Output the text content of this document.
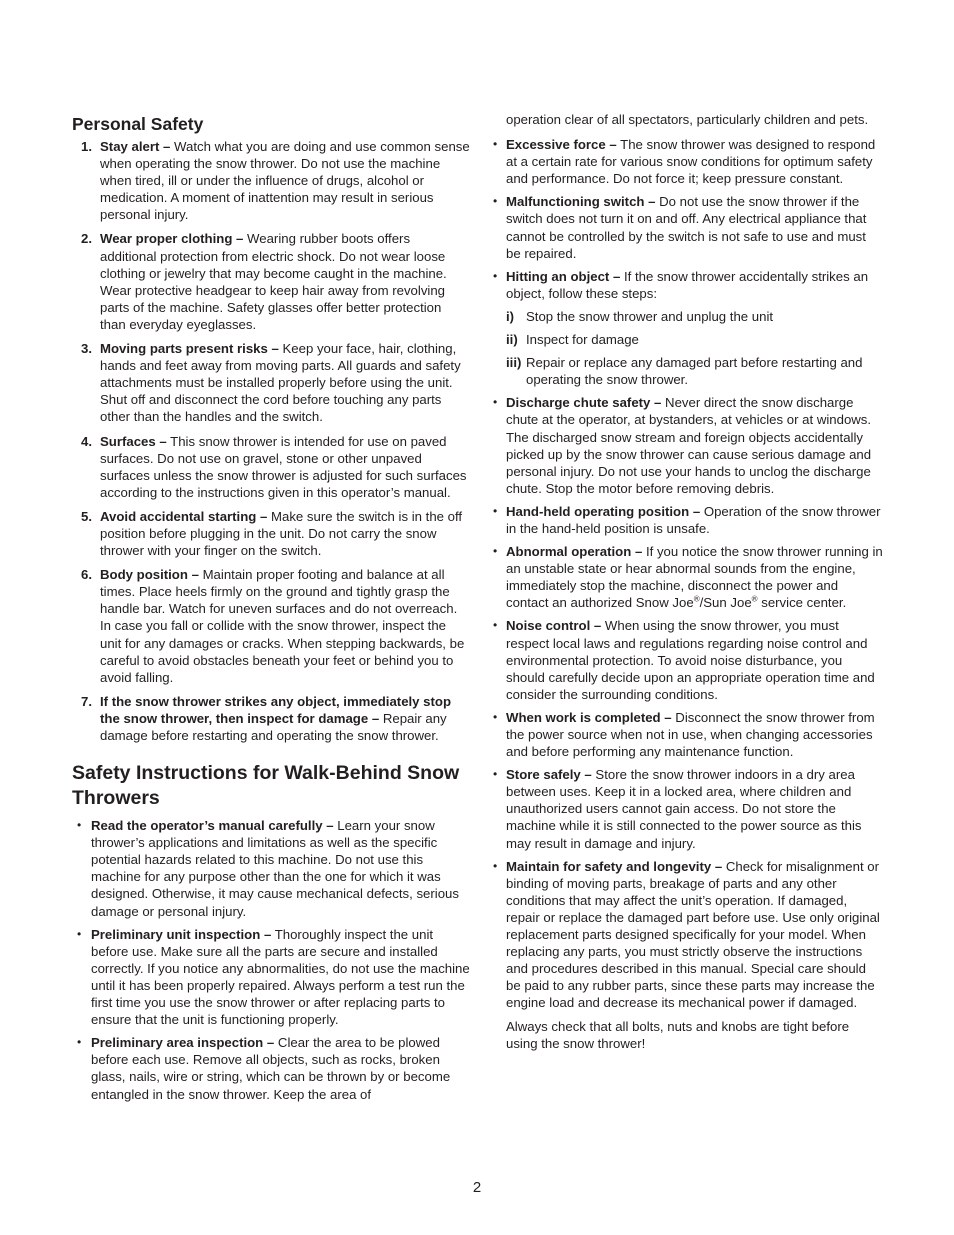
Personal Safety
1. Stay alert – Watch what you are doing and use common sense when operating the snow thrower. Do not use the machine when tired, ill or under the influence of drugs, alcohol or medication. A moment of inattention may result in serious personal injury.
2. Wear proper clothing – Wearing rubber boots offers additional protection from electric shock. Do not wear loose clothing or jewelry that may become caught in the machine. Wear protective headgear to keep hair away from revolving parts of the machine. Safety glasses offer better protection than everyday eyeglasses.
3. Moving parts present risks – Keep your face, hair, clothing, hands and feet away from moving parts. All guards and safety attachments must be installed properly before using the unit. Shut off and disconnect the cord before touching any parts other than the handles and the switch.
4. Surfaces – This snow thrower is intended for use on paved surfaces. Do not use on gravel, stone or other unpaved surfaces unless the snow thrower is adjusted for such surfaces according to the instructions given in this operator’s manual.
5. Avoid accidental starting – Make sure the switch is in the off position before plugging in the unit. Do not carry the snow thrower with your finger on the switch.
6. Body position – Maintain proper footing and balance at all times. Place heels firmly on the ground and tightly grasp the handle bar. Watch for uneven surfaces and do not overreach. In case you fall or collide with the snow thrower, inspect the unit for any damages or cracks. When stepping backwards, be careful to avoid obstacles beneath your feet or behind you to avoid falling.
7. If the snow thrower strikes any object, immediately stop the snow thrower, then inspect for damage – Repair any damage before restarting and operating the snow thrower.
Safety Instructions for Walk-Behind Snow Throwers
• Read the operator’s manual carefully – Learn your snow thrower’s applications and limitations as well as the specific potential hazards related to this machine. Do not use this machine for any purpose other than the one for which it was designed. Otherwise, it may cause mechanical defects, serious damage or personal injury.
• Preliminary unit inspection – Thoroughly inspect the unit before use. Make sure all the parts are secure and installed correctly. If you notice any abnormalities, do not use the machine until it has been properly repaired. Always perform a test run the first time you use the snow thrower or after replacing parts to ensure that the unit is functioning properly.
• Preliminary area inspection – Clear the area to be plowed before each use. Remove all objects, such as rocks, broken glass, nails, wire or string, which can be thrown by or become entangled in the snow thrower. Keep the area of

operation clear of all spectators, particularly children and pets.

• Excessive force – The snow thrower was designed to respond at a certain rate for various snow conditions for optimum safety and performance. Do not force it; keep pressure constant.
• Malfunctioning switch – Do not use the snow thrower if the switch does not turn it on and off. Any electrical appliance that cannot be controlled by the switch is not safe to use and must be repaired.
• Hitting an object – If the snow thrower accidentally strikes an object, follow these steps:
i) Stop the snow thrower and unplug the unit
ii) Inspect for damage
iii) Repair or replace any damaged part before restarting and operating the snow thrower.
• Discharge chute safety – Never direct the snow discharge chute at the operator, at bystanders, at vehicles or at windows. The discharged snow stream and foreign objects accidentally picked up by the snow thrower can cause serious damage and personal injury. Do not use your hands to unclog the discharge chute. Stop the motor before removing debris.
• Hand-held operating position – Operation of the snow thrower in the hand-held position is unsafe.
• Abnormal operation – If you notice the snow thrower running in an unstable state or hear abnormal sounds from the engine, immediately stop the machine, disconnect the power and contact an authorized Snow Joe®/Sun Joe® service center.
• Noise control – When using the snow thrower, you must respect local laws and regulations regarding noise control and environmental protection. To avoid noise disturbance, you should carefully decide upon an appropriate operation time and consider the surrounding conditions.
• When work is completed – Disconnect the snow thrower from the power source when not in use, when changing accessories and before performing any maintenance function.
• Store safely – Store the snow thrower indoors in a dry area between uses. Keep it in a locked area, where children and unauthorized users cannot gain access. Do not store the machine while it is still connected to the power source as this may result in damage and injury.
• Maintain for safety and longevity – Check for misalignment or binding of moving parts, breakage of parts and any other conditions that may affect the unit’s operation. If damaged, repair or replace the damaged part before use. Use only original replacement parts designed specifically for your model. When replacing any parts, you must strictly observe the instructions and procedures described in this manual. Special care should be paid to any rubber parts, since these parts may increase the engine load and decrease its mechanical power if damaged.

Always check that all bolts, nuts and knobs are tight before using the snow thrower!

2
